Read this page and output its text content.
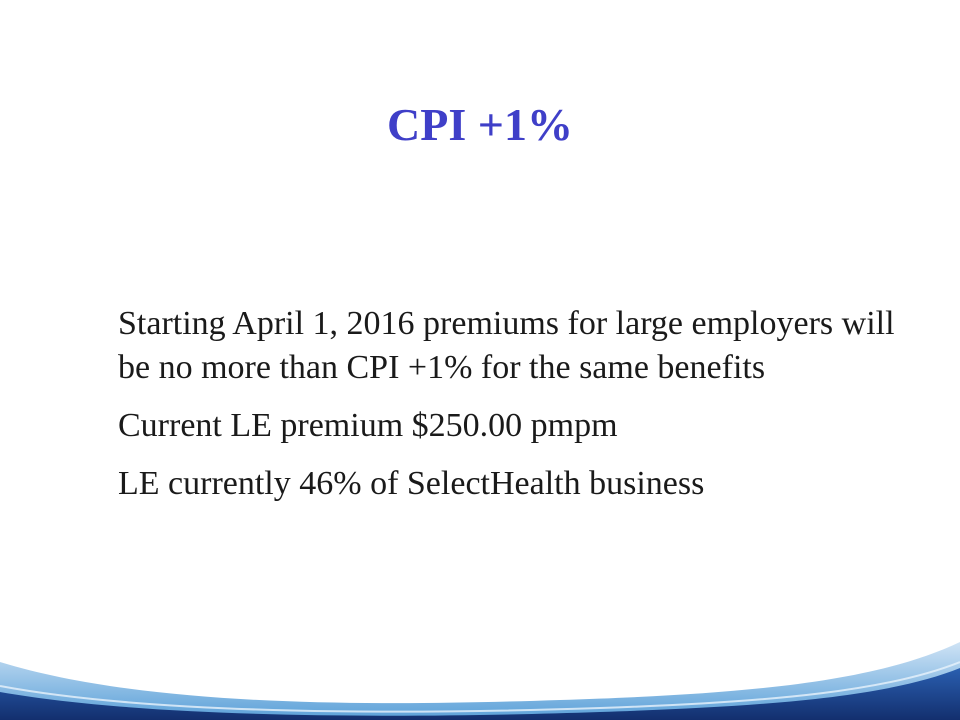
CPI +1%
Starting April 1, 2016 premiums for large employers will be no more than CPI +1% for the same benefits
Current LE premium $250.00 pmpm
LE currently 46% of SelectHealth business
